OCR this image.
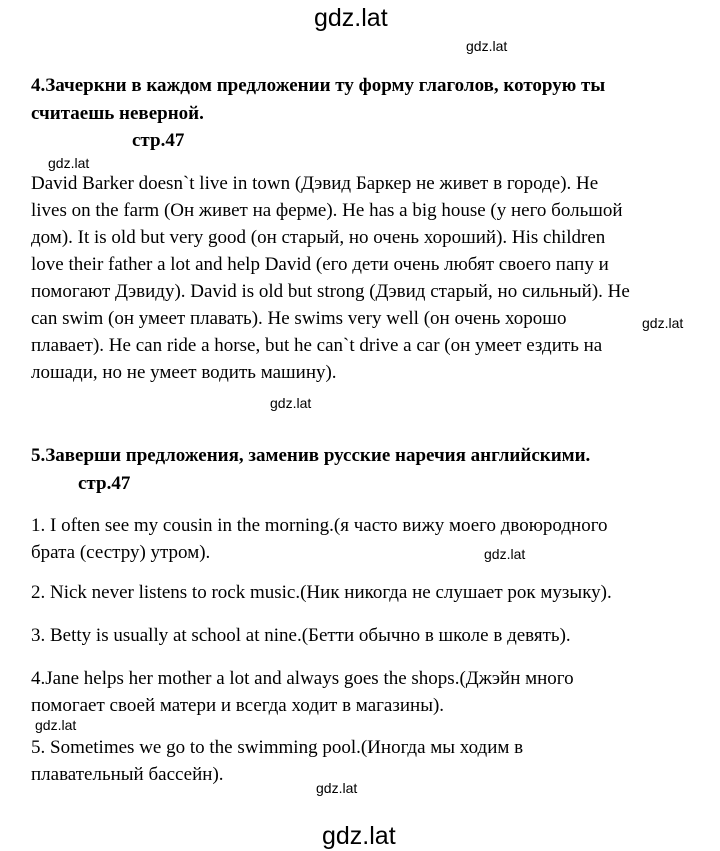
gdz.lat
gdz.lat
4.Зачеркни в каждом предложении ту форму глаголов, которую ты
считаешь неверной.
стр.47
gdz.lat
David Barker doesn`t live in town (Дэвид Баркер не живет в городе). He
lives on the farm (Он живет на ферме). He has a big house (у него большой
дом). It is old but very good (он старый, но очень хороший). His children
love their father a lot and help David (его дети очень любят своего папу и
помогают Дэвиду). David is old but strong (Дэвид старый, но сильный). He
can swim (он умеет плавать). He swims very well (он очень хорошо
плавает). He can ride a horse, but he can`t drive a car (он умеет ездить на
лошади, но не умеет водить машину).
gdz.lat
gdz.lat
5.Заверши предложения, заменив русские наречия английскими.
стр.47
1. I often see my cousin in the morning.(я часто вижу моего двоюродного
брата (сестру) утром).	gdz.lat
2. Nick never listens to rock music.(Ник никогда не слушает рок музыку).
3. Betty is usually at school at nine.(Бетти обычно в школе в девять).
4.Jane helps her mother a lot and always goes the shops.(Джэйн много
помогает своей матери и всегда ходит в магазины).
gdz.lat
5. Sometimes we go to the swimming pool.(Иногда мы ходим в
плавательный бассейн).
gdz.lat
gdz.lat
